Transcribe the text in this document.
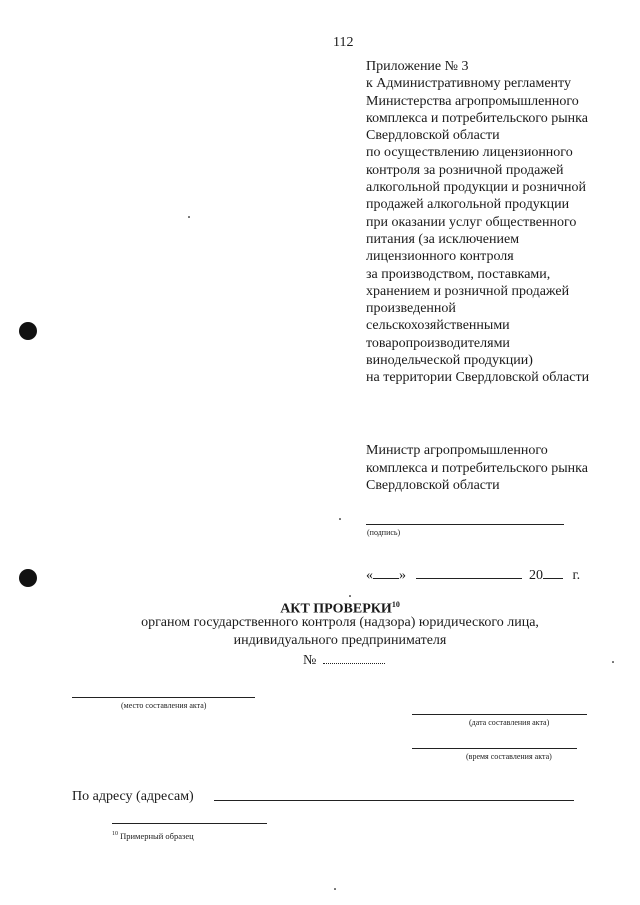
112
Приложение № 3
к Административному регламенту
Министерства агропромышленного
комплекса и потребительского рынка
Свердловской области
по осуществлению лицензионного
контроля за розничной продажей
алкогольной продукции и розничной
продажей алкогольной продукции
при оказании услуг общественного
питания (за исключением
лицензионного контроля
за производством, поставками,
хранением и розничной продажей
произведенной
сельскохозяйственными
товаропроизводителями
винодельческой продукции)
на территории Свердловской области
Министр агропромышленного
комплекса и потребительского рынка
Свердловской области
(подпись)
« »	20 г.
АКТ ПРОВЕРКИ$^{10}$
органом государственного контроля (надзора) юридического лица,
индивидуального предпринимателя
№
(место составления акта)
(дата составления акта)
(время составления акта)
По адресу (адресам)
$^{10}$ Примерный образец
